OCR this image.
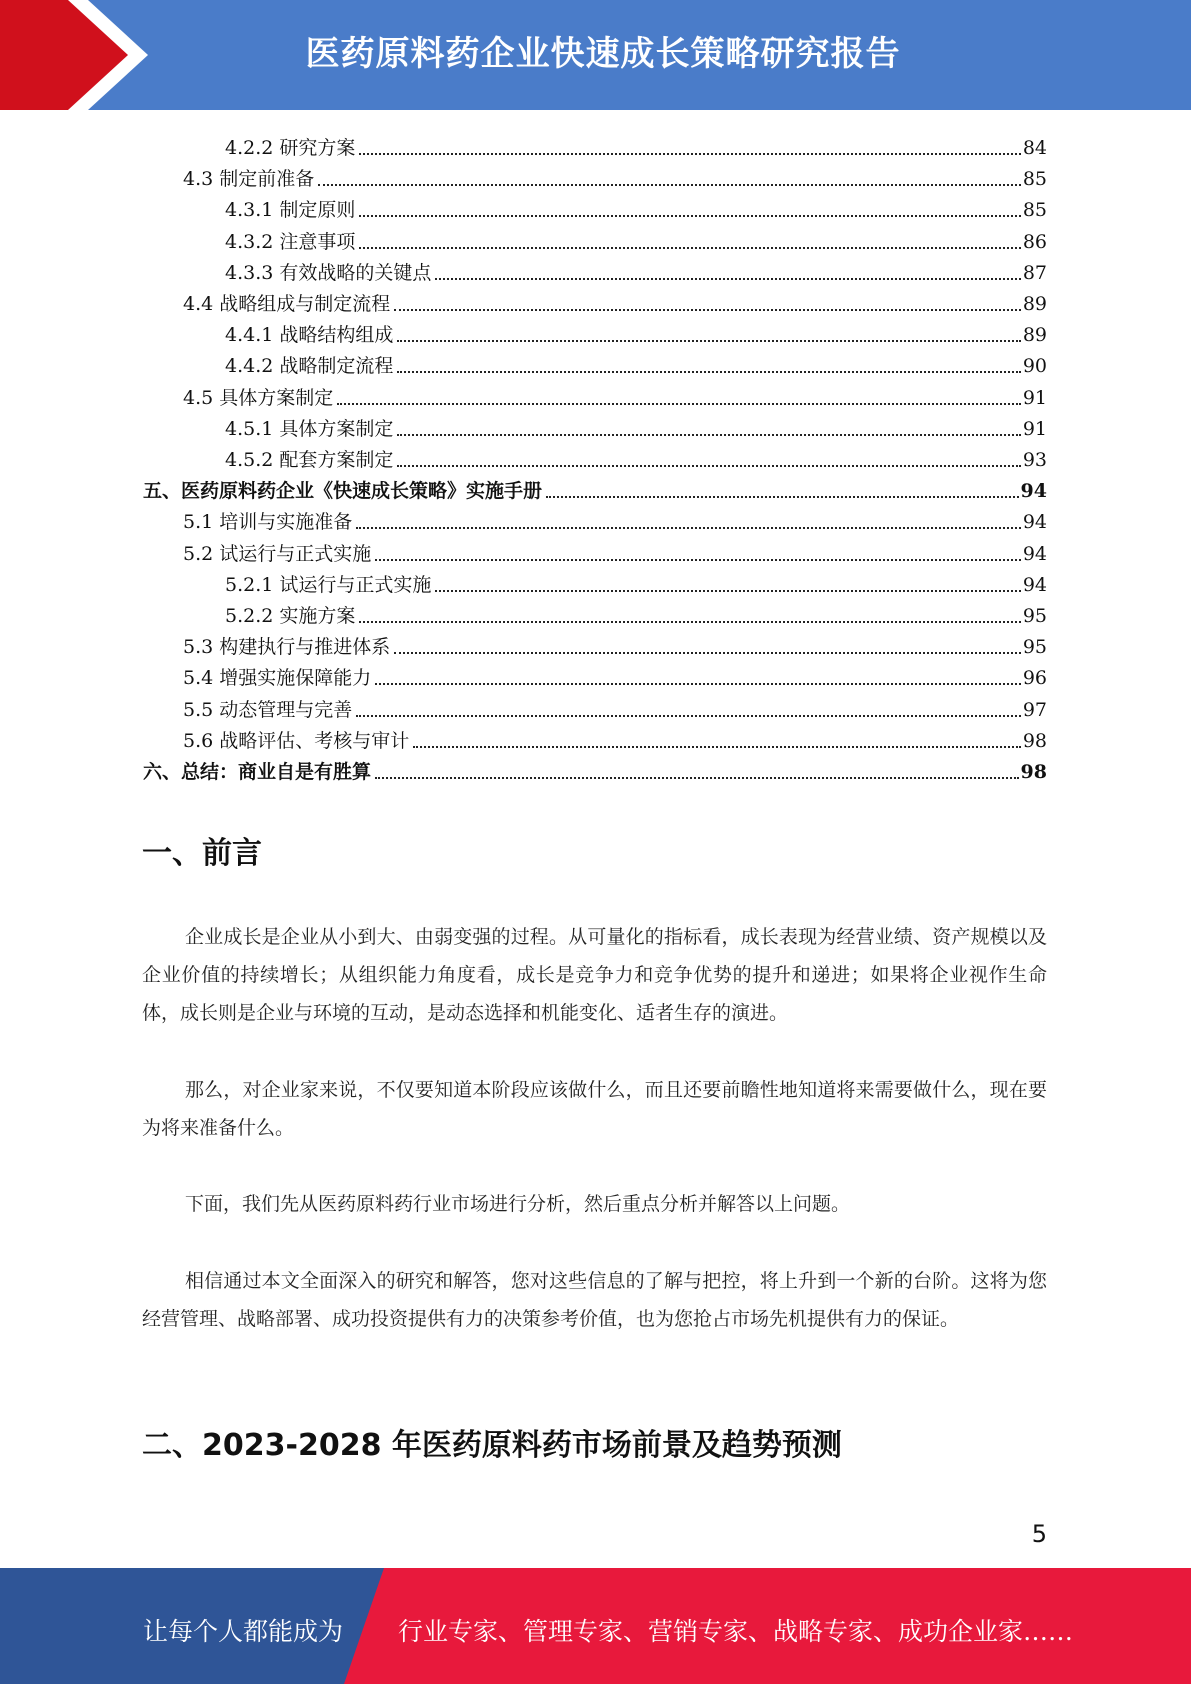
医药原料药企业快速成长策略研究报告
4.2.2 研究方案	84
4.3 制定前准备	85
4.3.1 制定原则	85
4.3.2 注意事项	86
4.3.3 有效战略的关键点	87
4.4 战略组成与制定流程	89
4.4.1 战略结构组成	89
4.4.2 战略制定流程	90
4.5 具体方案制定	91
4.5.1 具体方案制定	91
4.5.2 配套方案制定	93
五、医药原料药企业《快速成长策略》实施手册	94
5.1 培训与实施准备	94
5.2 试运行与正式实施	94
5.2.1 试运行与正式实施	94
5.2.2 实施方案	95
5.3 构建执行与推进体系	95
5.4 增强实施保障能力	96
5.5 动态管理与完善	97
5.6 战略评估、考核与审计	98
六、总结：商业自是有胜算	98
一、前言
企业成长是企业从小到大、由弱变强的过程。从可量化的指标看，成长表现为经营业绩、资产规模以及企业价值的持续增长；从组织能力角度看，成长是竞争力和竞争优势的提升和递进；如果将企业视作生命体，成长则是企业与环境的互动，是动态选择和机能变化、适者生存的演进。
那么，对企业家来说，不仅要知道本阶段应该做什么，而且还要前瞻性地知道将来需要做什么，现在要为将来准备什么。
下面，我们先从医药原料药行业市场进行分析，然后重点分析并解答以上问题。
相信通过本文全面深入的研究和解答，您对这些信息的了解与把控，将上升到一个新的台阶。这将为您经营管理、战略部署、成功投资提供有力的决策参考价值，也为您抢占市场先机提供有力的保证。
二、2023-2028 年医药原料药市场前景及趋势预测
5
让每个人都能成为 行业专家、管理专家、营销专家、战略专家、成功企业家……
